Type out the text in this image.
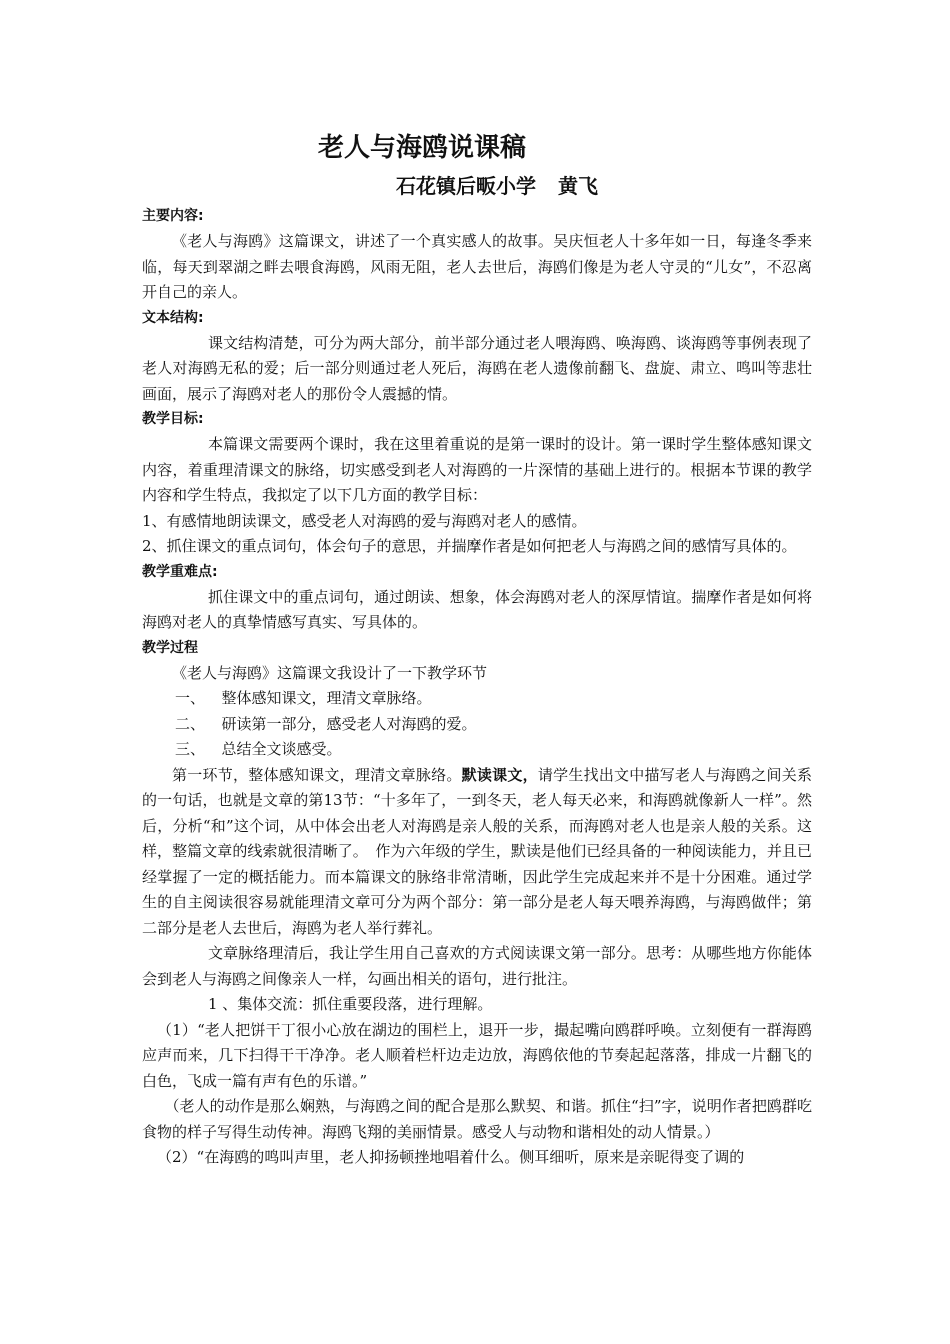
老人与海鸥说课稿
石花镇后畈小学 黄飞
主要内容:

《老人与海鸥》这篇课文，讲述了一个真实感人的故事。吴庆恒老人十多年如一日，每逢冬季来临，每天到翠湖之畔去喂食海鸥，风雨无阻，老人去世后，海鸥们像是为老人守灵的“儿女”，不忍离开自己的亲人。

文本结构:

课文结构清楚，可分为两大部分，前半部分通过老人喂海鸥、唤海鸥、谈海鸥等事例表现了老人对海鸥无私的爱；后一部分则通过老人死后，海鸥在老人遗像前翻飞、盘旋、肃立、鸣叫等悲壮画面，展示了海鸥对老人的那份令人震撼的情。

教学目标:

本篇课文需要两个课时，我在这里着重说的是第一课时的设计。第一课时学生整体感知课文内容，着重理清课文的脉络，切实感受到老人对海鸥的一片深情的基础上进行的。根据本节课的教学内容和学生特点，我拟定了以下几方面的教学目标：

1、有感情地朗读课文，感受老人对海鸥的爱与海鸥对老人的感情。

2、抓住课文的重点词句，体会句子的意思，并揣摩作者是如何把老人与海鸥之间的感情写具体的。

教学重难点:

抓住课文中的重点词句，通过朗读、想象，体会海鸥对老人的深厚情谊。揣摩作者是如何将海鸥对老人的真挚情感写真实、写具体的。

教学过程

《老人与海鸥》这篇课文我设计了一下教学环节

一、 整体感知课文，理清文章脉络。
二、 研读第一部分，感受老人对海鸥的爱。
三、 总结全文谈感受。

第一环节，整体感知课文，理清文章脉络。默读课文，请学生找出文中描写老人与海鸥之间关系的一句话，也就是文章的第13节：“十多年了，一到冬天，老人每天必来，和海鸥就像新人一样”。然后，分析“和”这个词，从中体会出老人对海鸥是亲人般的关系，而海鸥对老人也是亲人般的关系。这样，整篇文章的线索就很清晰了。　作为六年级的学生，默读是他们已经具备的一种阅读能力，并且已经掌握了一定的概括能力。而本篇课文的脉络非常清晰，因此学生完成起来并不是十分困难。通过学生的自主阅读很容易就能理清文章可分为两个部分：第一部分是老人每天喂养海鸥，与海鸥做伴；第二部分是老人去世后，海鸥为老人举行葬礼。

文章脉络理清后，我让学生用自己喜欢的方式阅读课文第一部分。思考：从哪些地方你能体会到老人与海鸥之间像亲人一样，勾画出相关的语句，进行批注。

1 、集体交流：抓住重要段落，进行理解。

（1）“老人把饼干丁很小心放在湖边的围栏上，退开一步，撮起嘴向鸥群呼唤。立刻便有一群海鸥应声而来，几下扫得干干净净。老人顺着栏杆边走边放，海鸥依他的节奏起起落落，排成一片翻飞的白色，飞成一篇有声有色的乐谱。”

（老人的动作是那么娴熟，与海鸥之间的配合是那么默契、和谐。抓住“扫”字，说明作者把鸥群吃食物的样子写得生动传神。海鸥飞翔的美丽情景。感受人与动物和谐相处的动人情景。）

（2）“在海鸥的鸣叫声里，老人抑扬顿挫地唱着什么。侧耳细听，原来是亲昵得变了调的
